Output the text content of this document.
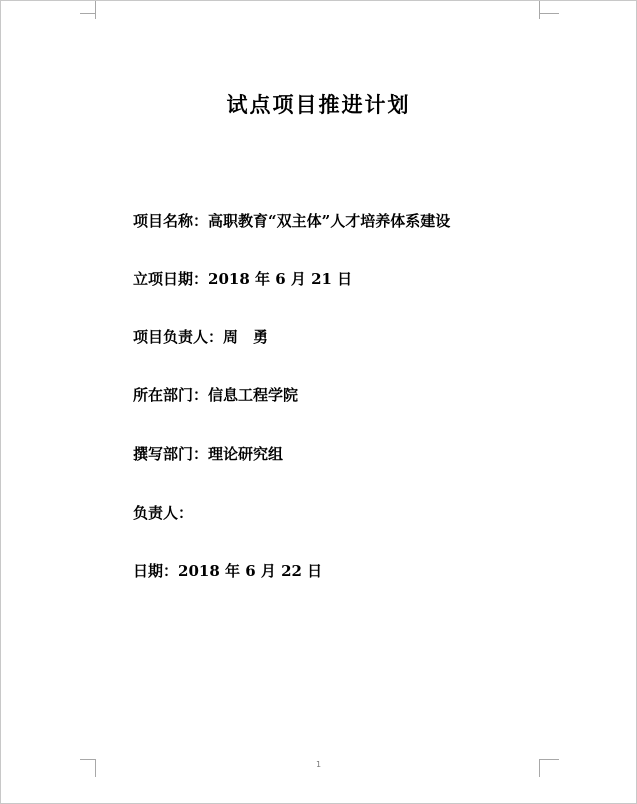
试点项目推进计划
项目名称：高职教育“双主体”人才培养体系建设
立项日期：2018 年 6 月 21 日
项目负责人：周　勇
所在部门：信息工程学院
撰写部门：理论研究组
负责人：
日期：2018 年 6 月 22 日
1
